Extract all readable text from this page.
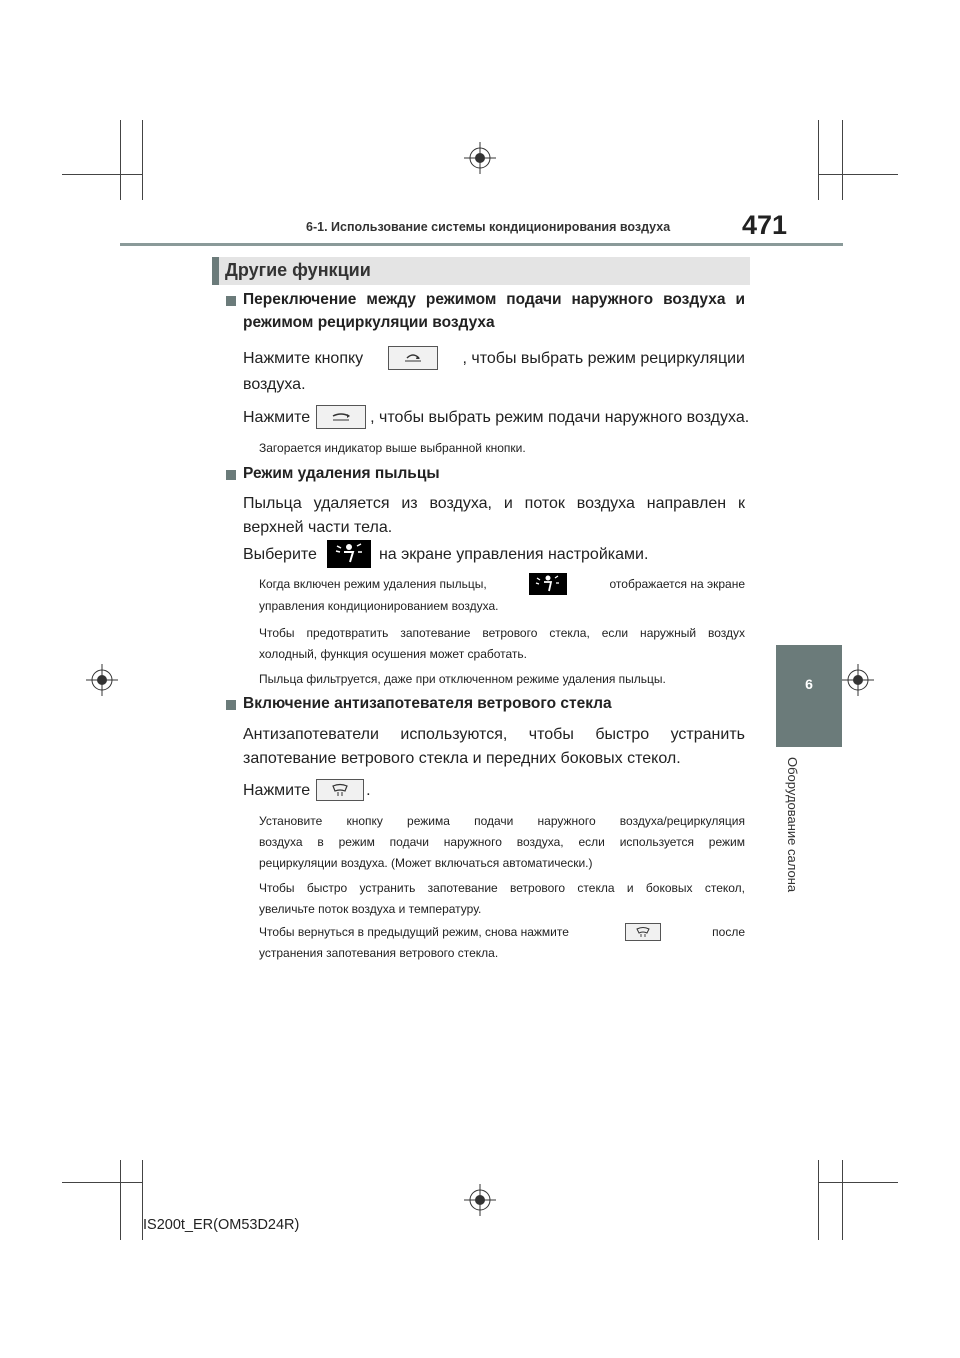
6-1. Использование системы кондиционирования воздуха	471
Другие функции
Переключение между режимом подачи наружного воздуха и
режимом рециркуляции воздуха
Нажмите кнопку	, чтобы выбрать режим рециркуляции
воздуха.
Нажмите	, чтобы выбрать режим подачи наружного воздуха.
Загорается индикатор выше выбранной кнопки.
Режим удаления пыльцы
Пыльца удаляется из воздуха, и поток воздуха направлен к
верхней части тела.
Выберите	на экране управления настройками.
Когда включен режим удаления пыльцы,	отображается на экране
управления кондиционированием воздуха.
Чтобы предотвратить запотевание ветрового стекла, если наружный воздух
холодный, функция осушения может сработать.
Пыльца фильтруется, даже при отключенном режиме удаления пыльцы.
Включение антизапотевателя ветрового стекла
Антизапотеватели используются, чтобы быстро устранить
запотевание ветрового стекла и передних боковых стекол.
Нажмите	.
Установите кнопку режима подачи наружного воздуха/рециркуляция
воздуха в режим подачи наружного воздуха, если используется режим
рециркуляции воздуха. (Может включаться автоматически.)
Чтобы быстро устранить запотевание ветрового стекла и боковых стекол,
увеличьте поток воздуха и температуру.
Чтобы вернуться в предыдущий режим, снова нажмите	после
устранения запотевания ветрового стекла.
6
Оборудование салона
IS200t_ER(OM53D24R)
